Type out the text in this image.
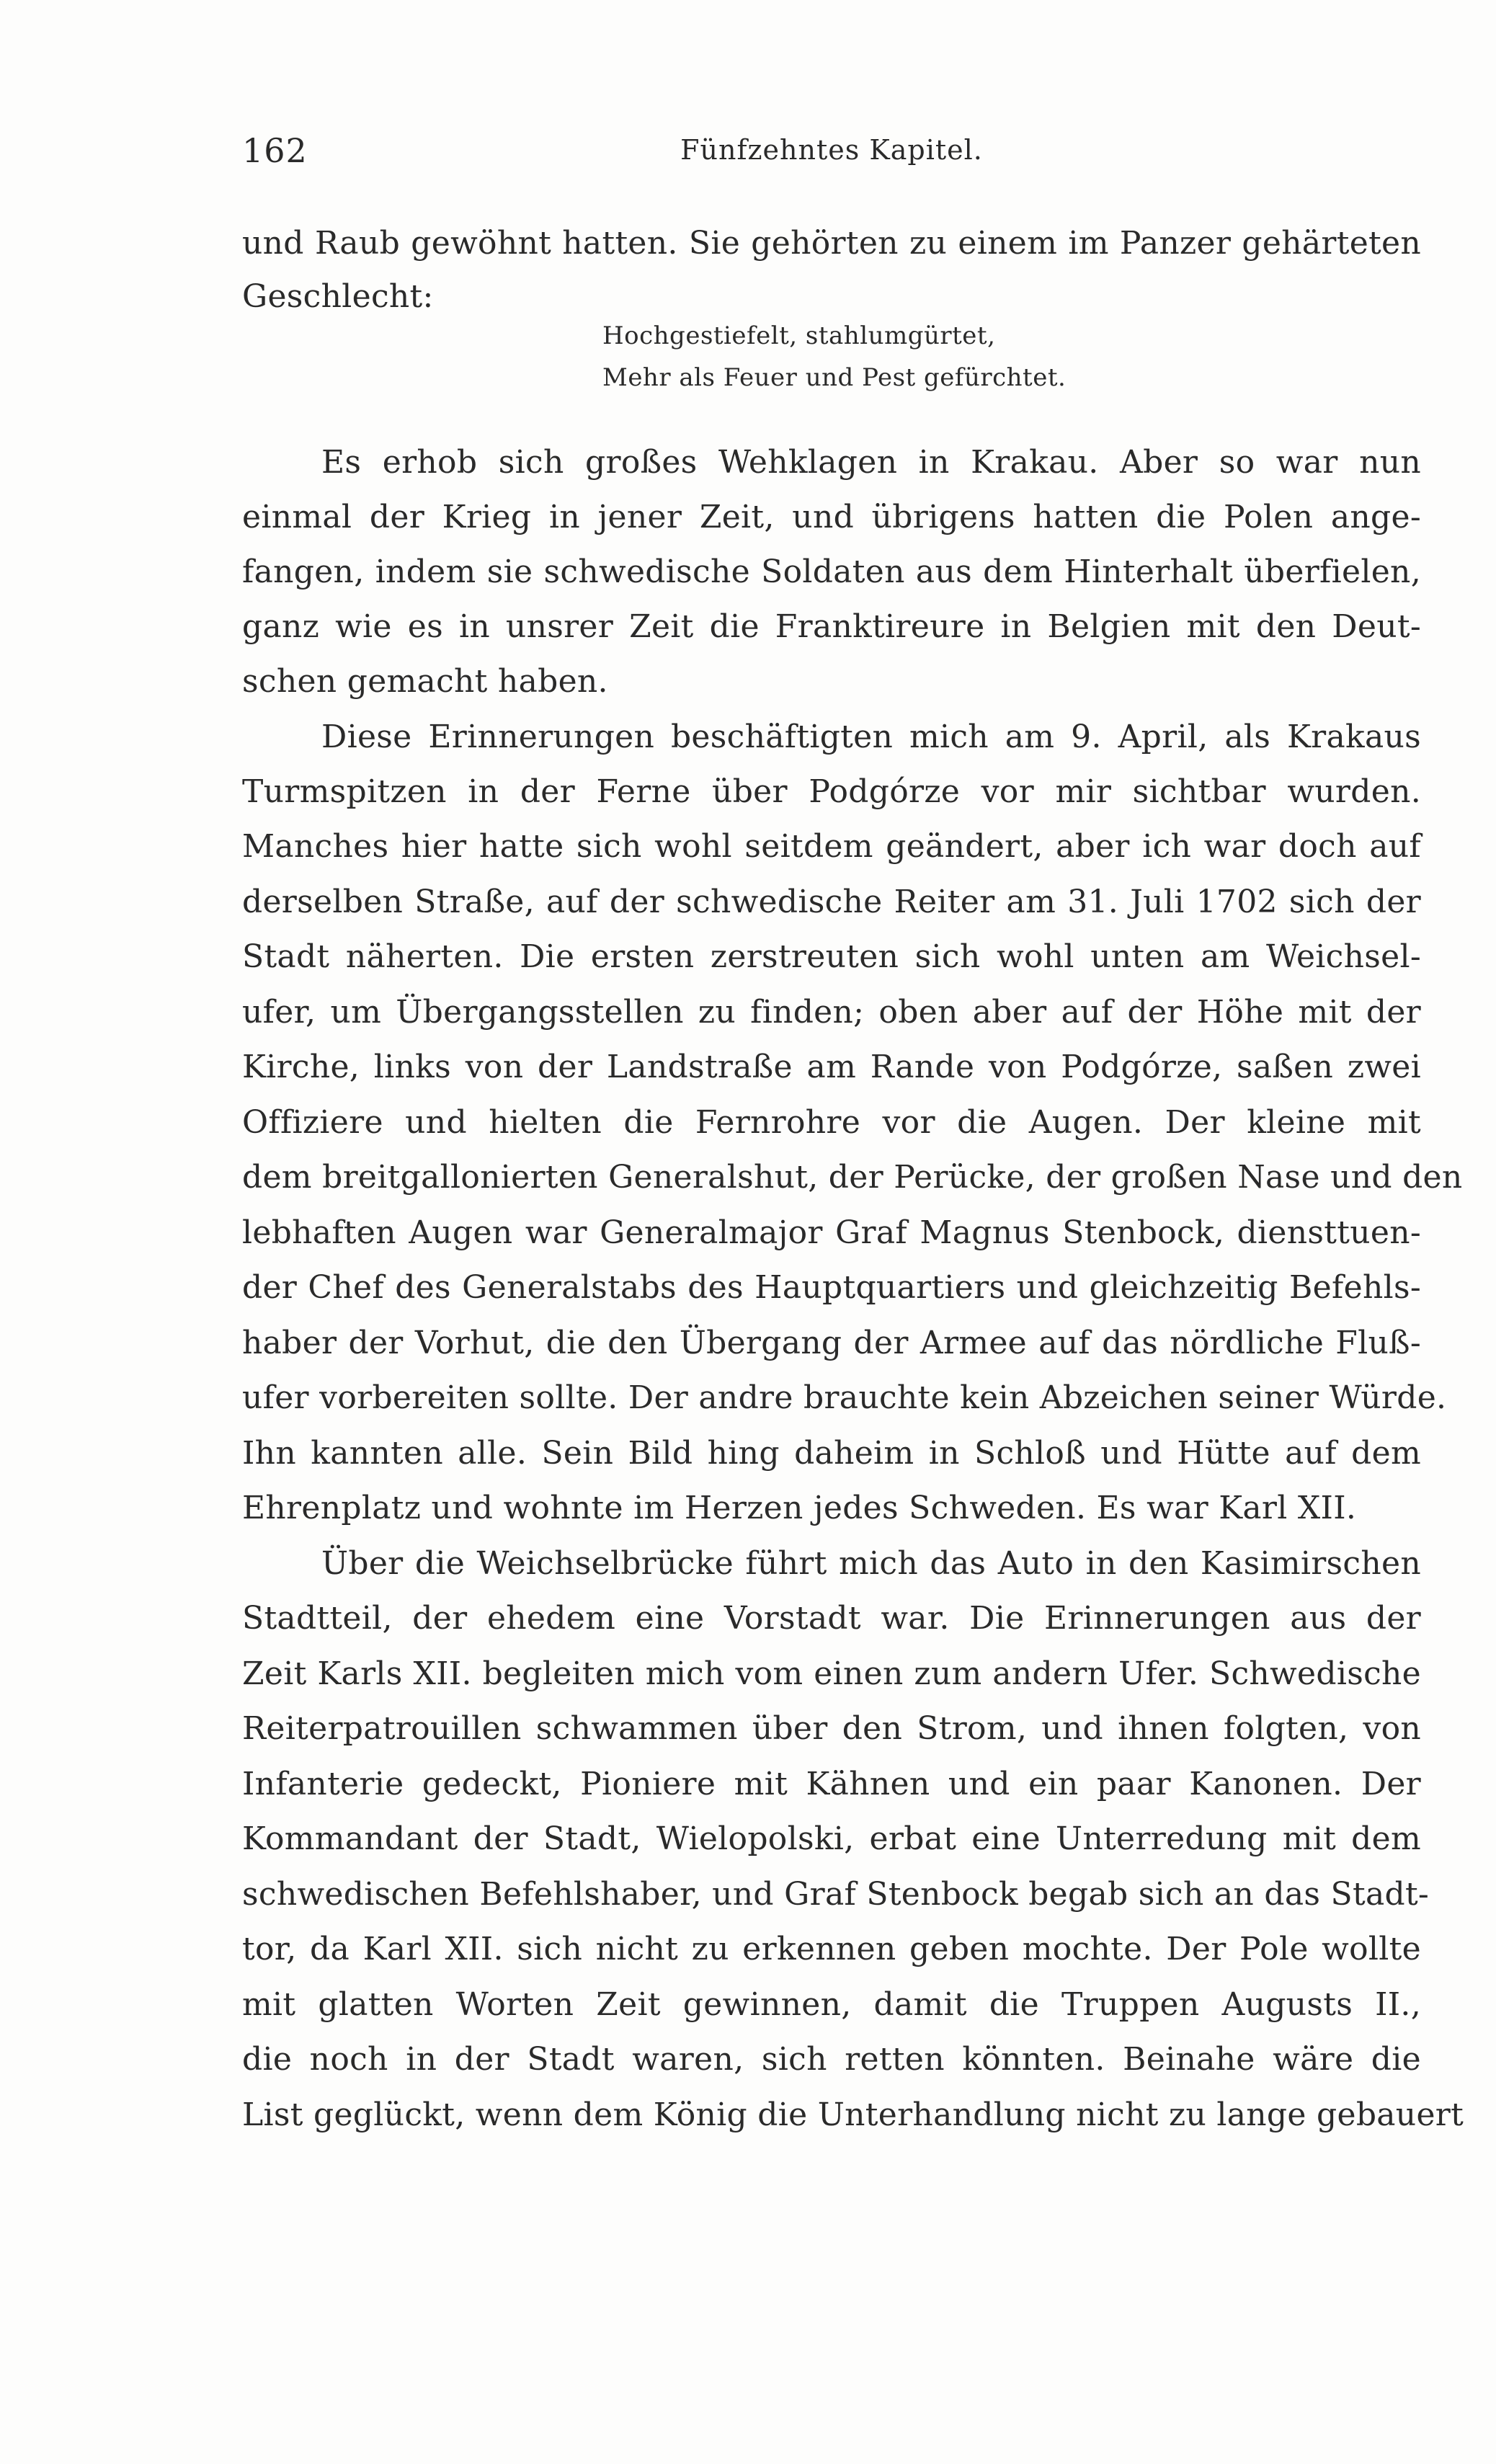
162	Fünfzehntes Kapitel.
und Raub gewöhnt hatten. Sie gehörten zu einem im Panzer gehärteten
Geschlecht:
Hochgestiefelt, stahlumgürtet,
Mehr als Feuer und Pest gefürchtet.
Es erhob sich großes Wehklagen in Krakau. Aber so war nun
einmal der Krieg in jener Zeit, und übrigens hatten die Polen ange-
fangen, indem sie schwedische Soldaten aus dem Hinterhalt überfielen,
ganz wie es in unsrer Zeit die Franktireure in Belgien mit den Deut-
schen gemacht haben.
Diese Erinnerungen beschäftigten mich am 9. April, als Krakaus
Turmspitzen in der Ferne über Podgórze vor mir sichtbar wurden.
Manches hier hatte sich wohl seitdem geändert, aber ich war doch auf
derselben Straße, auf der schwedische Reiter am 31. Juli 1702 sich der
Stadt näherten. Die ersten zerstreuten sich wohl unten am Weichsel-
ufer, um Übergangsstellen zu finden; oben aber auf der Höhe mit der
Kirche, links von der Landstraße am Rande von Podgórze, saßen zwei
Offiziere und hielten die Fernrohre vor die Augen. Der kleine mit
dem breitgallonierten Generalshut, der Perücke, der großen Nase und den
lebhaften Augen war Generalmajor Graf Magnus Stenbock, diensttuen-
der Chef des Generalstabs des Hauptquartiers und gleichzeitig Befehls-
haber der Vorhut, die den Übergang der Armee auf das nördliche Fluß-
ufer vorbereiten sollte. Der andre brauchte kein Abzeichen seiner Würde.
Ihn kannten alle. Sein Bild hing daheim in Schloß und Hütte auf dem
Ehrenplatz und wohnte im Herzen jedes Schweden. Es war Karl XII.
Über die Weichselbrücke führt mich das Auto in den Kasimirschen
Stadtteil, der ehedem eine Vorstadt war. Die Erinnerungen aus der
Zeit Karls XII. begleiten mich vom einen zum andern Ufer. Schwedische
Reiterpatrouillen schwammen über den Strom, und ihnen folgten, von
Infanterie gedeckt, Pioniere mit Kähnen und ein paar Kanonen. Der
Kommandant der Stadt, Wielopolski, erbat eine Unterredung mit dem
schwedischen Befehlshaber, und Graf Stenbock begab sich an das Stadt-
tor, da Karl XII. sich nicht zu erkennen geben mochte. Der Pole wollte
mit glatten Worten Zeit gewinnen, damit die Truppen Augusts II.,
die noch in der Stadt waren, sich retten könnten. Beinahe wäre die
List geglückt, wenn dem König die Unterhandlung nicht zu lange gebauert
